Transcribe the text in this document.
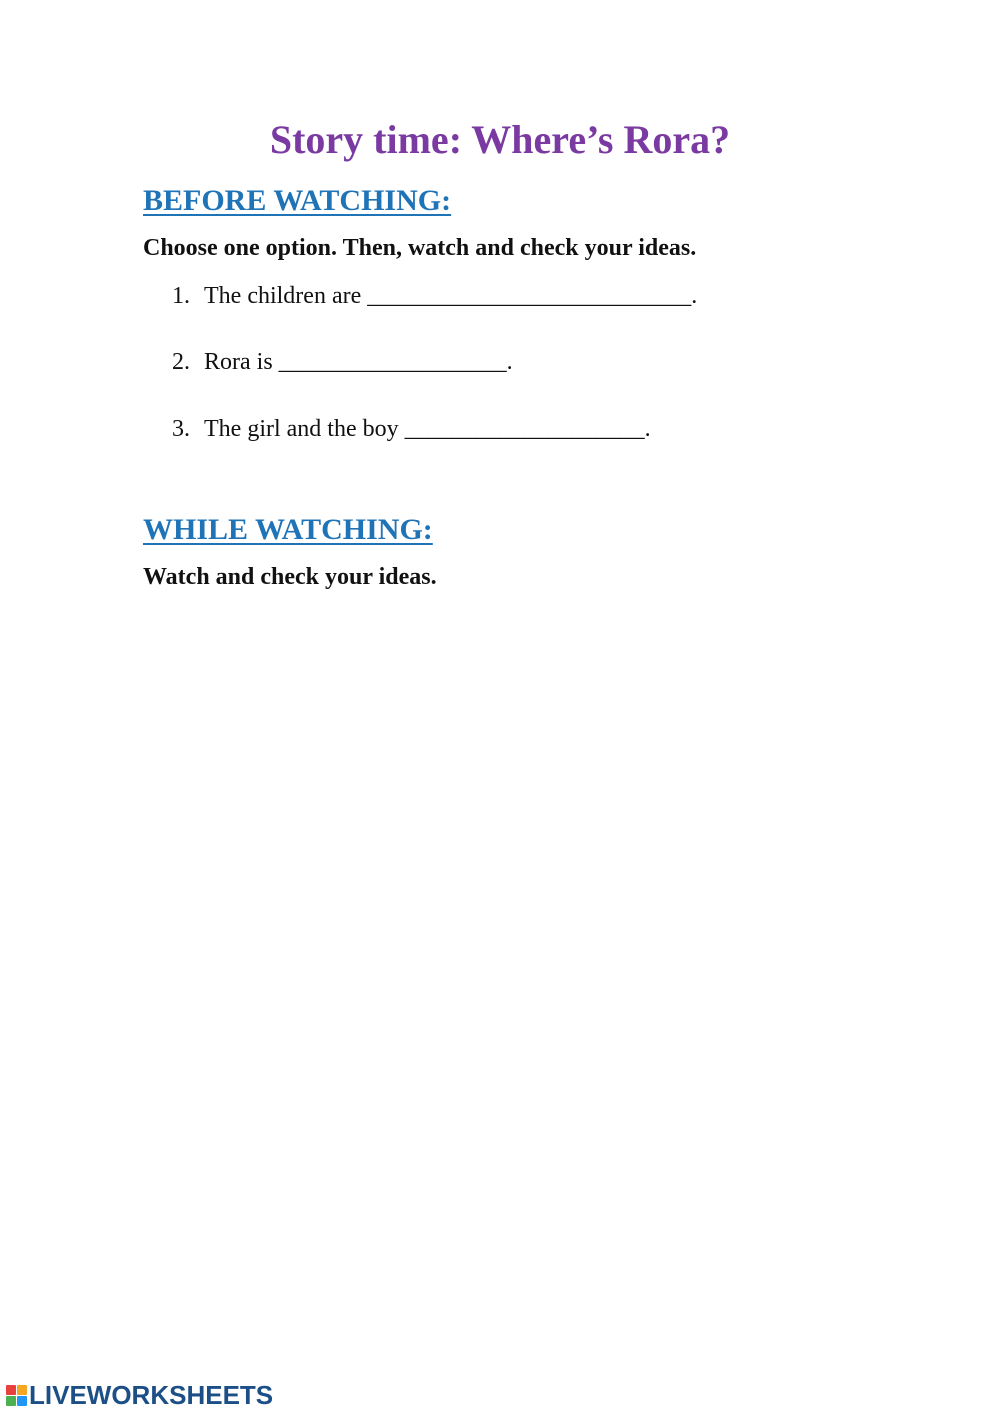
Story time: Where’s Rora?
BEFORE WATCHING:
Choose one option. Then, watch and check your ideas.
1. The children are ___________________________.
2. Rora is ___________________.
3. The girl and the boy ____________________.
WHILE WATCHING:
Watch and check your ideas.
LIVEWORKSHEETS
